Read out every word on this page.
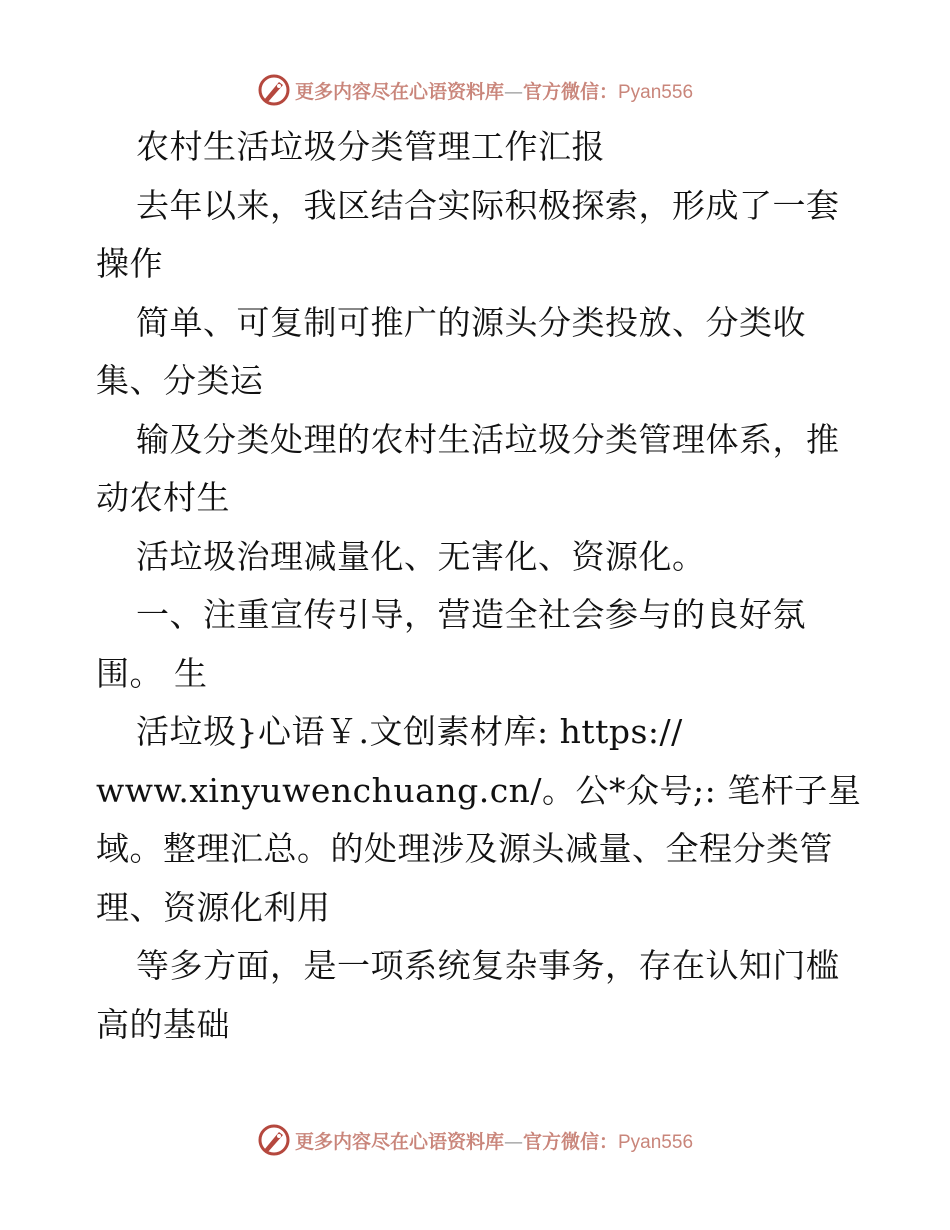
更多内容尽在心语资料库—官方微信：Pyan556
农村生活垃圾分类管理工作汇报
去年以来，我区结合实际积极探索，形成了一套
操作
简单、可复制可推广的源头分类投放、分类收
集、分类运
输及分类处理的农村生活垃圾分类管理体系，推
动农村生
活垃圾治理减量化、无害化、资源化。
一、注重宣传引导，营造全社会参与的良好氛
围。 生
活垃圾}心语￥.文创素材库: https://
www.xinyuwenchuang.cn/。公*众号;: 笔杆子星
域。整理汇总。的处理涉及源头减量、全程分类管
理、资源化利用
等多方面，是一项系统复杂事务，存在认知门槛
高的基础
更多内容尽在心语资料库—官方微信：Pyan556
